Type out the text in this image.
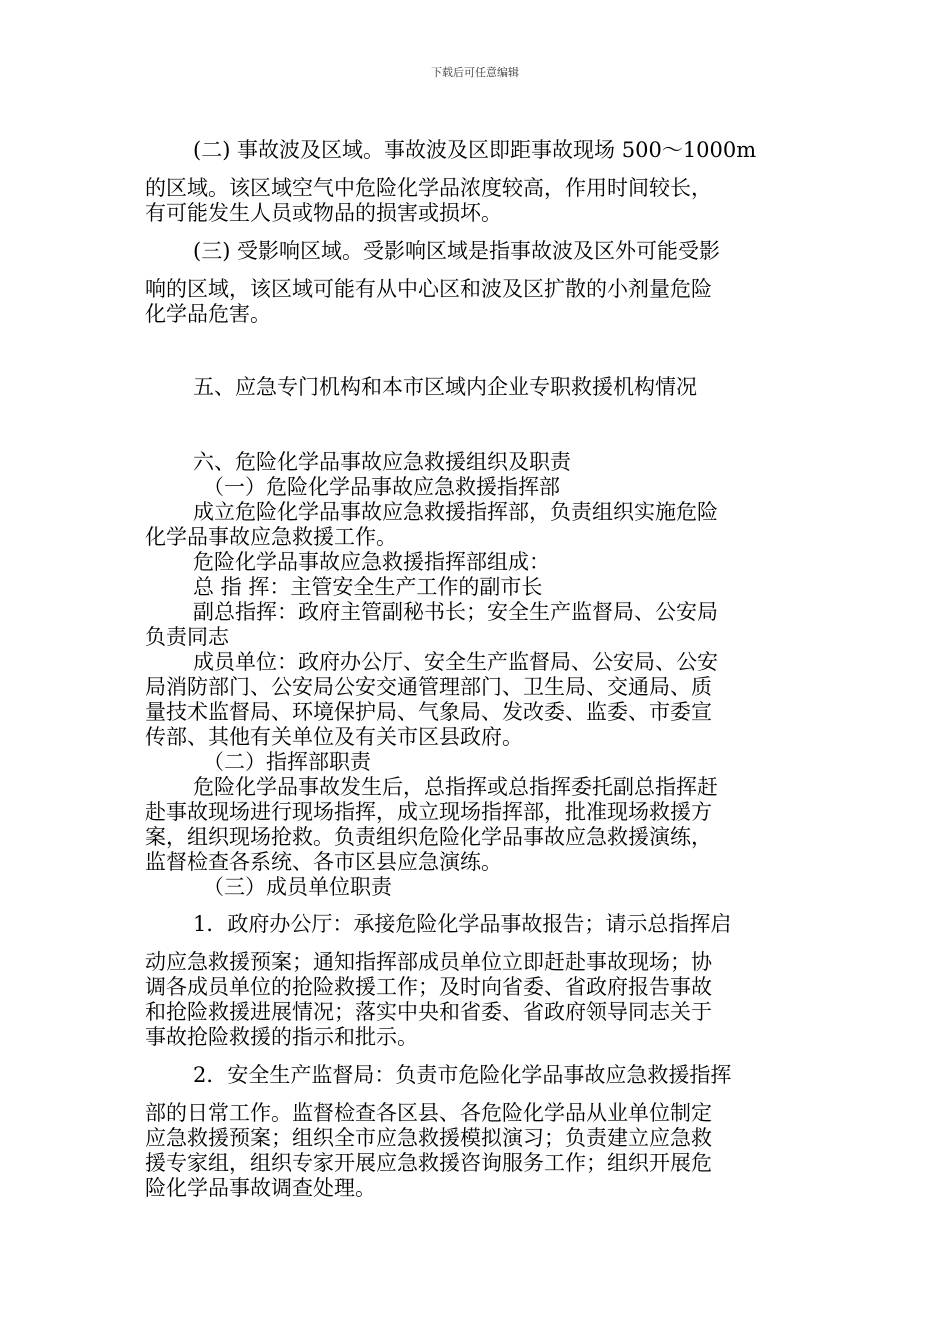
下载后可任意编辑
(二) 事故波及区域。事故波及区即距事故现场 500～1000m
的区域。该区域空气中危险化学品浓度较高，作用时间较长，
有可能发生人员或物品的损害或损坏。
(三) 受影响区域。受影响区域是指事故波及区外可能受影
响的区域，该区域可能有从中心区和波及区扩散的小剂量危险
化学品危害。
五、应急专门机构和本市区域内企业专职救援机构情况
六、危险化学品事故应急救援组织及职责
（一）危险化学品事故应急救援指挥部
成立危险化学品事故应急救援指挥部，负责组织实施危险
化学品事故应急救援工作。
危险化学品事故应急救援指挥部组成：
总 指 挥：主管安全生产工作的副市长
副总指挥：政府主管副秘书长；安全生产监督局、公安局
负责同志
成员单位：政府办公厅、安全生产监督局、公安局、公安
局消防部门、公安局公安交通管理部门、卫生局、交通局、质
量技术监督局、环境保护局、气象局、发改委、监委、市委宣
传部、其他有关单位及有关市区县政府。
（二）指挥部职责
危险化学品事故发生后，总指挥或总指挥委托副总指挥赶
赴事故现场进行现场指挥，成立现场指挥部，批准现场救援方
案，组织现场抢救。负责组织危险化学品事故应急救援演练，
监督检查各系统、各市区县应急演练。
（三）成员单位职责
1．政府办公厅：承接危险化学品事故报告；请示总指挥启
动应急救援预案；通知指挥部成员单位立即赶赴事故现场；协
调各成员单位的抢险救援工作；及时向省委、省政府报告事故
和抢险救援进展情况；落实中央和省委、省政府领导同志关于
事故抢险救援的指示和批示。
2．安全生产监督局：负责市危险化学品事故应急救援指挥
部的日常工作。监督检查各区县、各危险化学品从业单位制定
应急救援预案；组织全市应急救援模拟演习；负责建立应急救
援专家组，组织专家开展应急救援咨询服务工作；组织开展危
险化学品事故调查处理。
